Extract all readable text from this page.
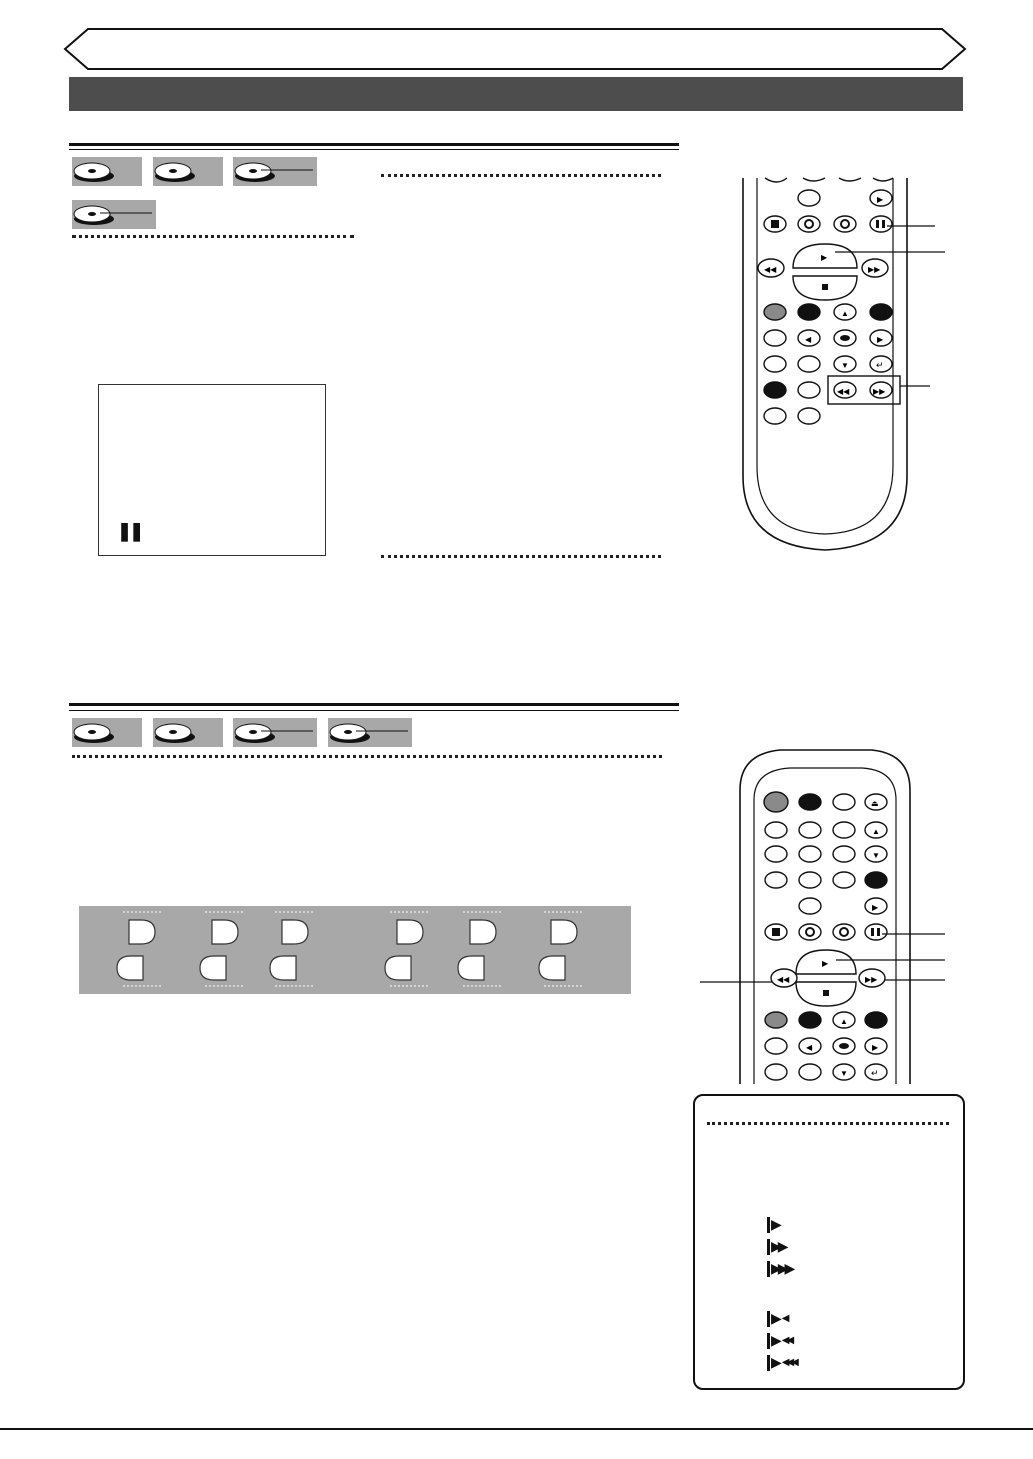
❚❚
▶
▶
◀◀	▶▶
▲
◀	▶
▼	↵
◀◀	▶▶
⏏
▲
▼
▶
▶
◀◀	▶▶
▲
◀	▶
▼	↵
▶
▶▶
▶▶▶
▶ ◀
▶ ◀◀
▶ ◀◀◀
